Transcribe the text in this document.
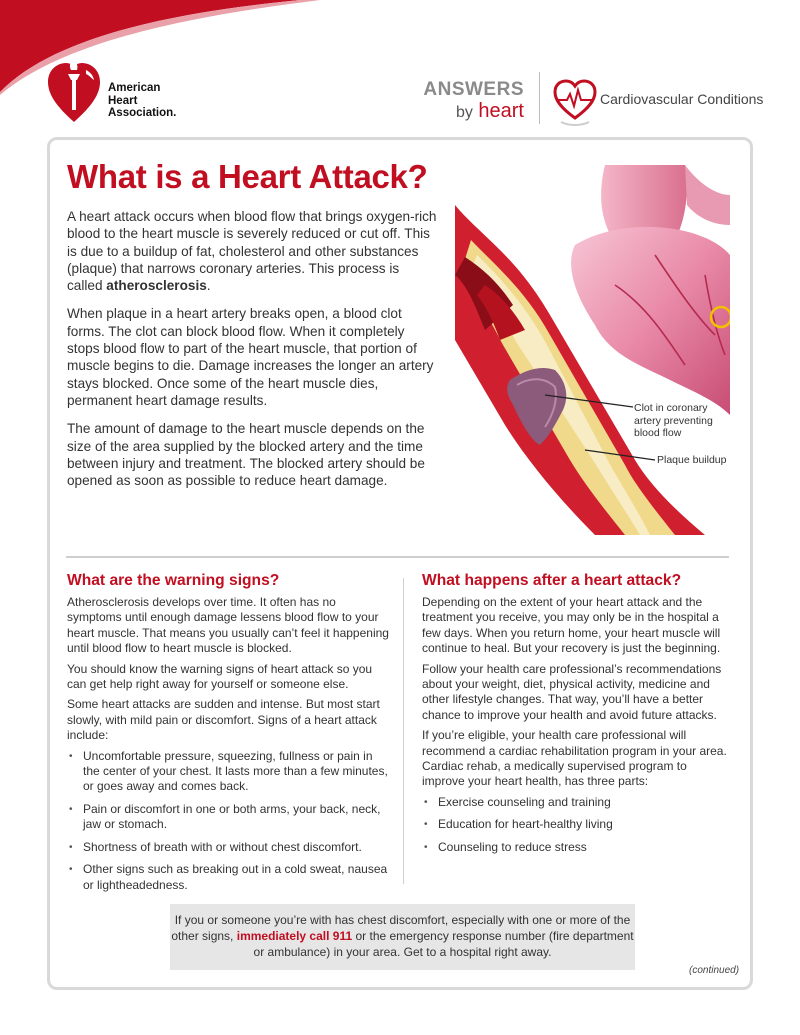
American
Heart
Association.
ANSWERS
by heart
Cardiovascular Conditions
What is a Heart Attack?

A heart attack occurs when blood flow that brings oxygen-rich blood to the heart muscle is severely reduced or cut off. This is due to a buildup of fat, cholesterol and other substances (plaque) that narrows coronary arteries. This process is called atherosclerosis.

When plaque in a heart artery breaks open, a blood clot forms. The clot can block blood flow. When it completely stops blood flow to part of the heart muscle, that portion of muscle begins to die. Damage increases the longer an artery stays blocked. Once some of the heart muscle dies, permanent heart damage results.

The amount of damage to the heart muscle depends on the size of the area supplied by the blocked artery and the time between injury and treatment. The blocked artery should be opened as soon as possible to reduce heart damage.

Clot in coronary artery preventing blood flow
Plaque buildup
What are the warning signs?

Atherosclerosis develops over time. It often has no symptoms until enough damage lessens blood flow to your heart muscle. That means you usually can’t feel it happening until blood flow to heart muscle is blocked.

You should know the warning signs of heart attack so you can get help right away for yourself or someone else.

Some heart attacks are sudden and intense. But most start slowly, with mild pain or discomfort. Signs of a heart attack include:

• Uncomfortable pressure, squeezing, fullness or pain in the center of your chest. It lasts more than a few minutes, or goes away and comes back.
• Pain or discomfort in one or both arms, your back, neck, jaw or stomach.
• Shortness of breath with or without chest discomfort.
• Other signs such as breaking out in a cold sweat, nausea or lightheadedness.
What happens after a heart attack?

Depending on the extent of your heart attack and the treatment you receive, you may only be in the hospital a few days. When you return home, your heart muscle will continue to heal. But your recovery is just the beginning.

Follow your health care professional’s recommendations about your weight, diet, physical activity, medicine and other lifestyle changes. That way, you’ll have a better chance to improve your health and avoid future attacks.

If you’re eligible, your health care professional will recommend a cardiac rehabilitation program in your area. Cardiac rehab, a medically supervised program to improve your heart health, has three parts:

• Exercise counseling and training
• Education for heart-healthy living
• Counseling to reduce stress
If you or someone you’re with has chest discomfort, especially with one or more of the other signs, immediately call 911 or the emergency response number (fire department or ambulance) in your area. Get to a hospital right away.
(continued)
